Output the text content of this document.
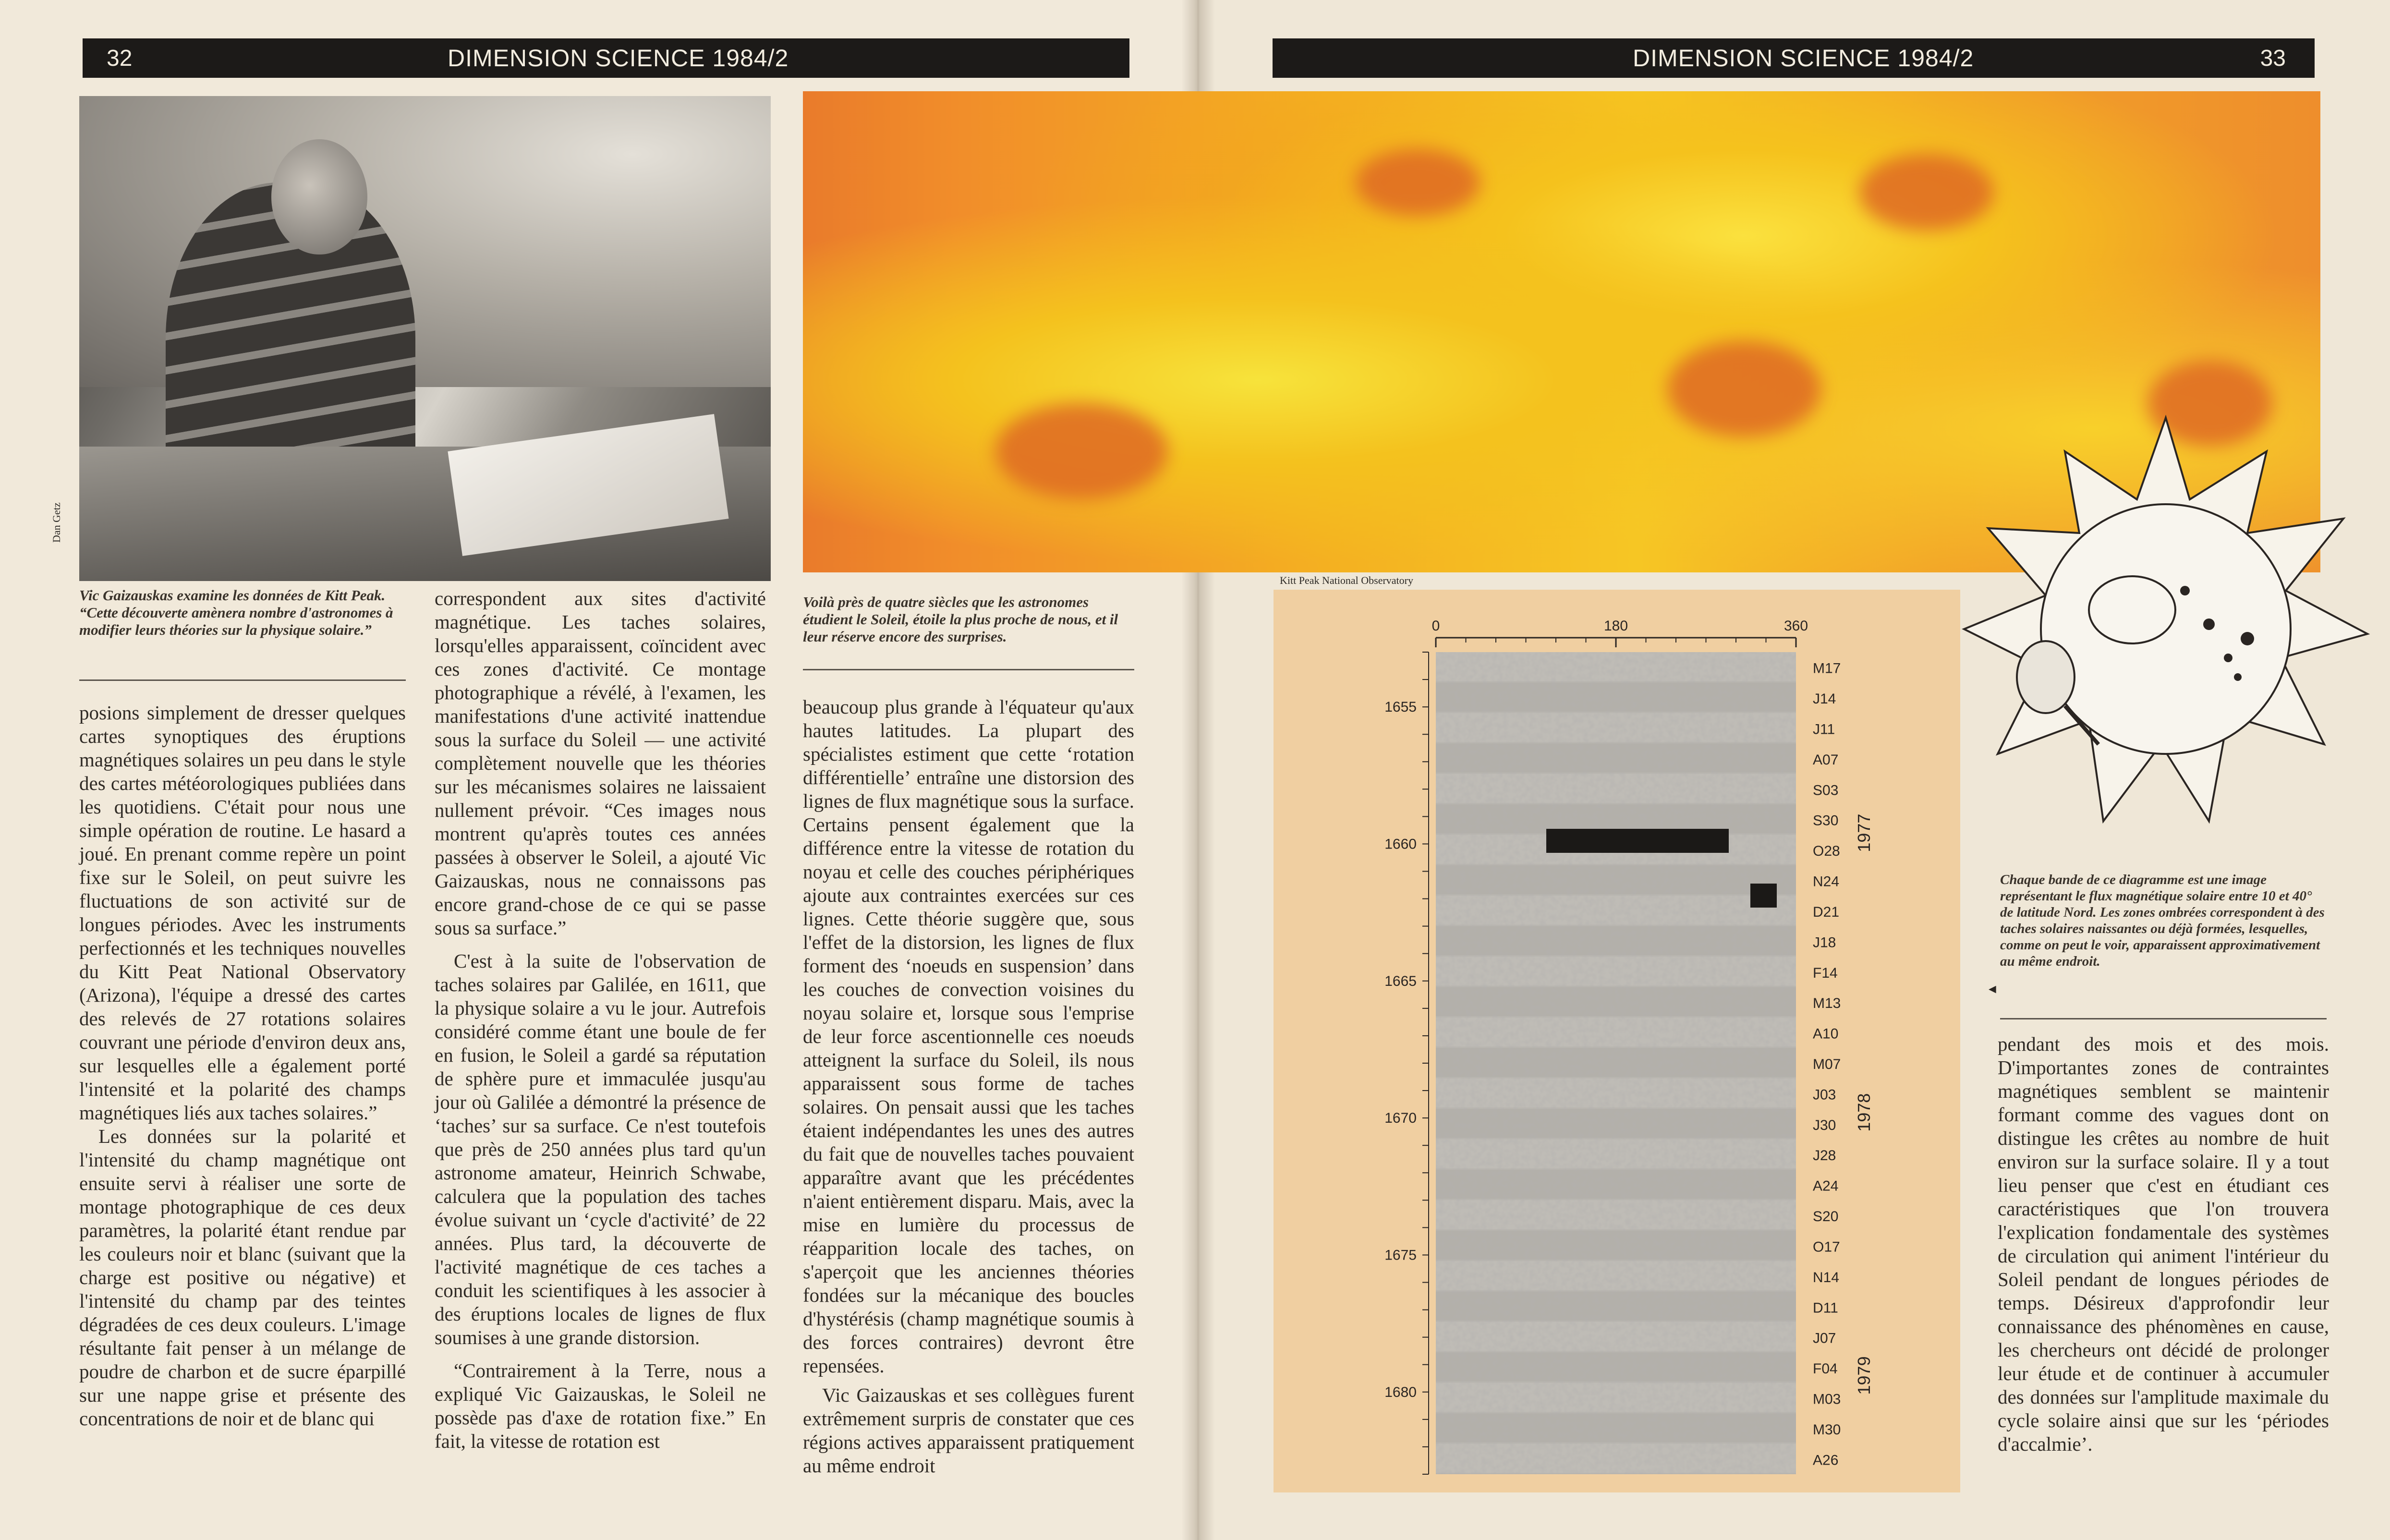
32	DIMENSION SCIENCE 1984/2	DIMENSION SCIENCE 1984/2	33
Dan Getz
Vic Gaizauskas examine les données de Kitt Peak. “Cette découverte amènera nombre d'astronomes à modifier leurs théories sur la physique solaire.”
Voilà près de quatre siècles que les astronomes étudient le Soleil, étoile la plus proche de nous, et il leur réserve encore des surprises.
Kitt Peak National Observatory

posions simplement de dresser quelques cartes synoptiques des éruptions magnétiques solaires un peu dans le style des cartes météorologiques publiées dans les quotidiens. C'était pour nous une simple opération de routine. Le hasard a joué. En prenant comme repère un point fixe sur le Soleil, on peut suivre les fluctuations de son activité sur de longues périodes. Avec les instruments perfectionnés et les techniques nouvelles du Kitt Peat National Observatory (Arizona), l'équipe a dressé des cartes des relevés de 27 rotations solaires couvrant une période d'environ deux ans, sur lesquelles elle a également porté l'intensité et la polarité des champs magnétiques liés aux taches solaires.”

Les données sur la polarité et l'intensité du champ magnétique ont ensuite servi à réaliser une sorte de montage photographique de ces deux paramètres, la polarité étant rendue par les couleurs noir et blanc (suivant que la charge est positive ou négative) et l'intensité du champ par des teintes dégradées de ces deux couleurs. L'image résultante fait penser à un mélange de poudre de charbon et de sucre éparpillé sur une nappe grise et présente des concentrations de noir et de blanc qui

correspondent aux sites d'activité magnétique. Les taches solaires, lorsqu'elles apparaissent, coïncident avec ces zones d'activité. Ce montage photographique a révélé, à l'examen, les manifestations d'une activité inattendue sous la surface du Soleil — une activité complètement nouvelle que les théories sur les mécanismes solaires ne laissaient nullement prévoir. “Ces images nous montrent qu'après toutes ces années passées à observer le Soleil, a ajouté Vic Gaizauskas, nous ne connaissons pas encore grand-chose de ce qui se passe sous sa surface.”

C'est à la suite de l'observation de taches solaires par Galilée, en 1611, que la physique solaire a vu le jour. Autrefois considéré comme étant une boule de fer en fusion, le Soleil a gardé sa réputation de sphère pure et immaculée jusqu'au jour où Galilée a démontré la présence de ‘taches’ sur sa surface. Ce n'est toutefois que près de 250 années plus tard qu'un astronome amateur, Heinrich Schwabe, calculera que la population des taches évolue suivant un ‘cycle d'activité’ de 22 années. Plus tard, la découverte de l'activité magnétique de ces taches a conduit les scientifiques à les associer à des éruptions locales de lignes de flux soumises à une grande distorsion.

“Contrairement à la Terre, nous a expliqué Vic Gaizauskas, le Soleil ne possède pas d'axe de rotation fixe.” En fait, la vitesse de rotation est

beaucoup plus grande à l'équateur qu'aux hautes latitudes. La plupart des spécialistes estiment que cette ‘rotation différentielle’ entraîne une distorsion des lignes de flux magnétique sous la surface. Certains pensent également que la différence entre la vitesse de rotation du noyau et celle des couches périphériques ajoute aux contraintes exercées sur ces lignes. Cette théorie suggère que, sous l'effet de la distorsion, les lignes de flux forment des ‘noeuds en suspension’ dans les couches de convection voisines du noyau solaire et, lorsque sous l'emprise de leur force ascentionnelle ces noeuds atteignent la surface du Soleil, ils nous apparaissent sous forme de taches solaires. On pensait aussi que les taches étaient indépendantes les unes des autres du fait que de nouvelles taches pouvaient apparaître avant que les précédentes n'aient entièrement disparu. Mais, avec la mise en lumière du processus de réapparition locale des taches, on s'aperçoit que les anciennes théories fondées sur la mécanique des boucles d'hystérésis (champ magnétique soumis à des forces contraires) devront être repensées.

Vic Gaizauskas et ses collègues furent extrêmement surpris de constater que ces régions actives apparaissent pratiquement au même endroit

pendant des mois et des mois. D'importantes zones de contraintes magnétiques semblent se maintenir formant comme des vagues dont on distingue les crêtes au nombre de huit environ sur la surface solaire. Il y a tout lieu penser que c'est en étudiant ces caractéristiques que l'on trouvera l'explication fondamentale des systèmes de circulation qui animent l'intérieur du Soleil pendant de longues périodes de temps. Désireux d'approfondir leur connaissance des phénomènes en cause, les chercheurs ont décidé de prolonger leur étude et de continuer à accumuler des données sur l'amplitude maximale du cycle solaire ainsi que sur les ‘périodes d'accalmie’.

Chaque bande de ce diagramme est une image représentant le flux magnétique solaire entre 10 et 40° de latitude Nord. Les zones ombrées correspondent à des taches solaires naissantes ou déjà formées, lesquelles, comme on peut le voir, apparaissent approximativement au même endroit.
◄
M17
J14
J11
A07
S03
S30
O28
N24
D21
J18
F14
M13
A10
M07
J03
J30
J28
A24
S20
O17
N14
D11
J07
F04
M03
M30
A26
0	180	360
1655
1660
1665
1670
1675
1680
1977
1978
1979
